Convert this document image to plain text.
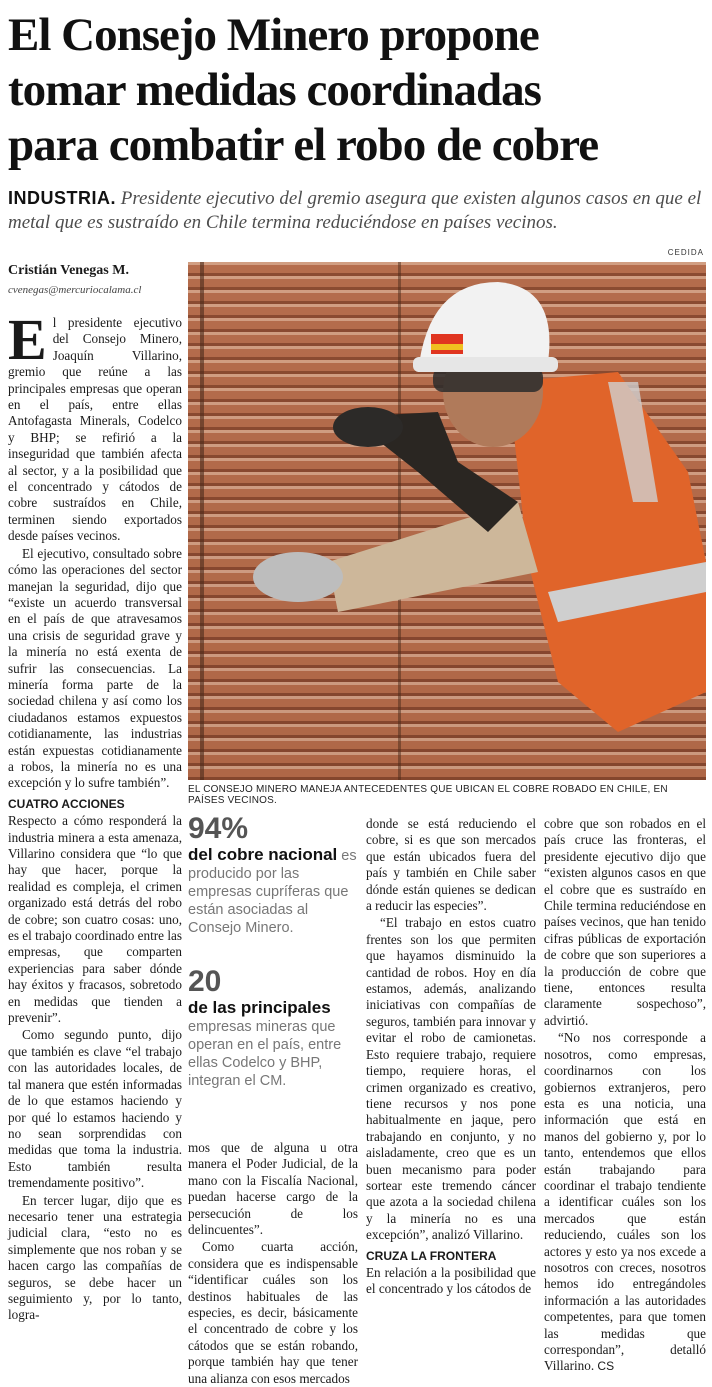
El Consejo Minero propone
tomar medidas coordinadas
para combatir el robo de cobre
INDUSTRIA. Presidente ejecutivo del gremio asegura que existen algunos casos en que el metal que es sustraído en Chile termina reduciéndose en países vecinos.
CEDIDA
Cristián Venegas M.
cvenegas@mercuriocalama.cl
EL CONSEJO MINERO MANEJA ANTECEDENTES QUE UBICAN EL COBRE ROBADO EN CHILE, EN PAÍSES VECINOS.

El presidente ejecutivo del Consejo Minero, Joaquín Villarino, gremio que reúne a las principales empresas que operan en el país, entre ellas Antofagasta Minerals, Codelco y BHP; se refirió a la inseguridad que también afecta al sector, y a la posibilidad que el concentrado y cátodos de cobre sustraídos en Chile, terminen siendo exportados desde países vecinos.

El ejecutivo, consultado sobre cómo las operaciones del sector manejan la seguridad, dijo que “existe un acuerdo transversal en el país de que atravesamos una crisis de seguridad grave y la minería no está exenta de sufrir las consecuencias. La minería forma parte de la sociedad chilena y así como los ciudadanos estamos expuestos cotidianamente, las industrias están expuestas cotidianamente a robos, la minería no es una excepción y lo sufre también”.

CUATRO ACCIONES

Respecto a cómo responderá la industria minera a esta amenaza, Villarino considera que “lo que hay que hacer, porque la realidad es compleja, el crimen organizado está detrás del robo de cobre; son cuatro cosas: uno, es el trabajo coordinado entre las empresas, que comparten experiencias para saber dónde hay éxitos y fracasos, sobretodo en medidas que tienden a prevenir”.

Como segundo punto, dijo que también es clave “el trabajo con las autoridades locales, de tal manera que estén informadas de lo que estamos haciendo y por qué lo estamos haciendo y no sean sorprendidas con medidas que toma la industria. Esto también resulta tremendamente positivo”.

En tercer lugar, dijo que es necesario tener una estrategia judicial clara, “esto no es simplemente que nos roban y se hacen cargo las compañías de seguros, se debe hacer un seguimiento y, por lo tanto, logra-

94%
del cobre nacional es producido por las empresas cupríferas que están asociadas al Consejo Minero.
20
de las principales empresas mineras que operan en el país, entre ellas Codelco y BHP, integran el CM.

mos que de alguna u otra manera el Poder Judicial, de la mano con la Fiscalía Nacional, puedan hacerse cargo de la persecución de los delincuentes”.

Como cuarta acción, considera que es indispensable “identificar cuáles son los destinos habituales de las especies, es decir, básicamente el concentrado de cobre y los cátodos que se están robando, porque también hay que tener una alianza con esos mercados

donde se está reduciendo el cobre, si es que son mercados que están ubicados fuera del país y también en Chile saber dónde están quienes se dedican a reducir las especies”.

“El trabajo en estos cuatro frentes son los que permiten que hayamos disminuido la cantidad de robos. Hoy en día estamos, además, analizando iniciativas con compañías de seguros, también para innovar y evitar el robo de camionetas. Esto requiere trabajo, requiere tiempo, requiere horas, el crimen organizado es creativo, tiene recursos y nos pone habitualmente en jaque, pero trabajando en conjunto, y no aisladamente, creo que es un buen mecanismo para poder sortear este tremendo cáncer que azota a la sociedad chilena y la minería no es una excepción”, analizó Villarino.

CRUZA LA FRONTERA

En relación a la posibilidad que el concentrado y los cátodos de

cobre que son robados en el país cruce las fronteras, el presidente ejecutivo dijo que “existen algunos casos en que el cobre que es sustraído en Chile termina reduciéndose en países vecinos, que han tenido cifras públicas de exportación de cobre que son superiores a la producción de cobre que tiene, entonces resulta claramente sospechoso”, advirtió.

“No nos corresponde a nosotros, como empresas, coordinarnos con los gobiernos extranjeros, pero esta es una noticia, una información que está en manos del gobierno y, por lo tanto, entendemos que ellos están trabajando para coordinar el trabajo tendiente a identificar cuáles son los mercados que están reduciendo, cuáles son los actores y esto ya nos excede a nosotros con creces, nosotros hemos ido entregándoles información a las autoridades competentes, para que tomen las medidas que correspondan”, detalló Villarino. CS
